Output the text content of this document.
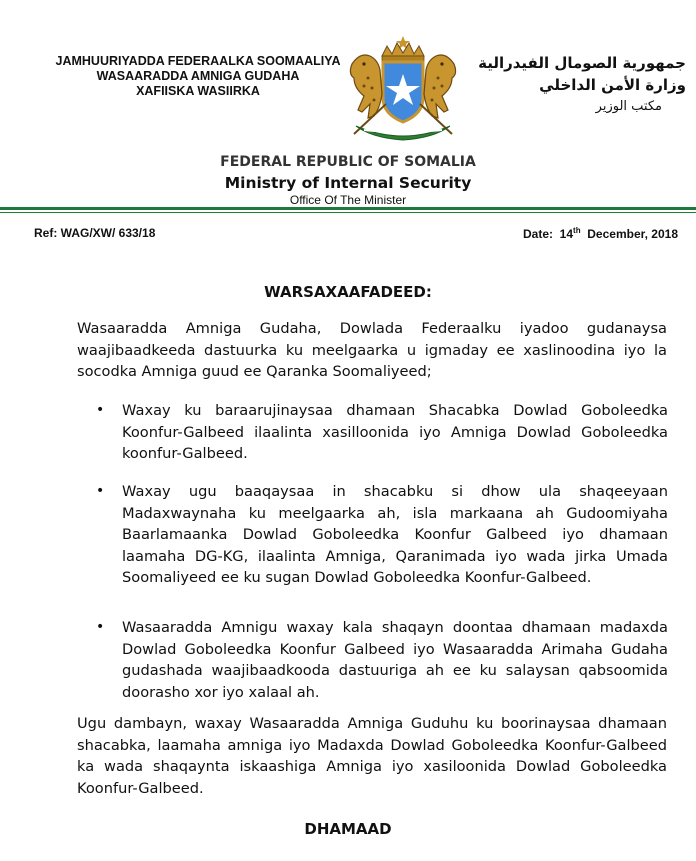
JAMHUURIYADDA FEDERAALKA SOOMAALIYA
WASAARADDA AMNIGA GUDAHA
XAFIISKA WASIIRKA
جمهورية الصومال الفيدرالية
وزارة الأمن الداخلي
مكتب الوزير
FEDERAL REPUBLIC OF SOMALIA
Ministry of Internal Security
Office Of The Minister
Ref: WAG/XW/ 633/18	Date: 14th December, 2018
WARSAXAAFADEED:
Wasaaradda Amniga Gudaha, Dowlada Federaalku iyadoo gudanaysa waajibaadkeeda dastuurka ku meelgaarka u igmaday ee xaslinoodina iyo la socodka Amniga guud ee Qaranka Soomaliyeed;
• Waxay ku baraarujinaysaa dhamaan Shacabka Dowlad Goboleedka Koonfur-Galbeed ilaalinta xasilloonida iyo Amniga Dowlad Goboleedka koonfur-Galbeed.
• Waxay ugu baaqaysaa in shacabku si dhow ula shaqeeyaan Madaxwaynaha ku meelgaarka ah, isla markaana ah Gudoomiyaha Baarlamaanka Dowlad Goboleedka Koonfur Galbeed iyo dhamaan laamaha DG-KG, ilaalinta Amniga, Qaranimada iyo wada jirka Umada Soomaliyeed ee ku sugan Dowlad Goboleedka Koonfur-Galbeed.
• Wasaaradda Amnigu waxay kala shaqayn doontaa dhamaan madaxda Dowlad Goboleedka Koonfur Galbeed iyo Wasaaradda Arimaha Gudaha gudashada waajibaadkooda dastuuriga ah ee ku salaysan qabsoomida doorasho xor iyo xalaal ah.
Ugu dambayn, waxay Wasaaradda Amniga Guduhu ku boorinaysaa dhamaan shacabka, laamaha amniga iyo Madaxda Dowlad Goboleedka Koonfur-Galbeed ka wada shaqaynta iskaashiga Amniga iyo xasiloonida Dowlad Goboleedka Koonfur-Galbeed.
DHAMAAD
